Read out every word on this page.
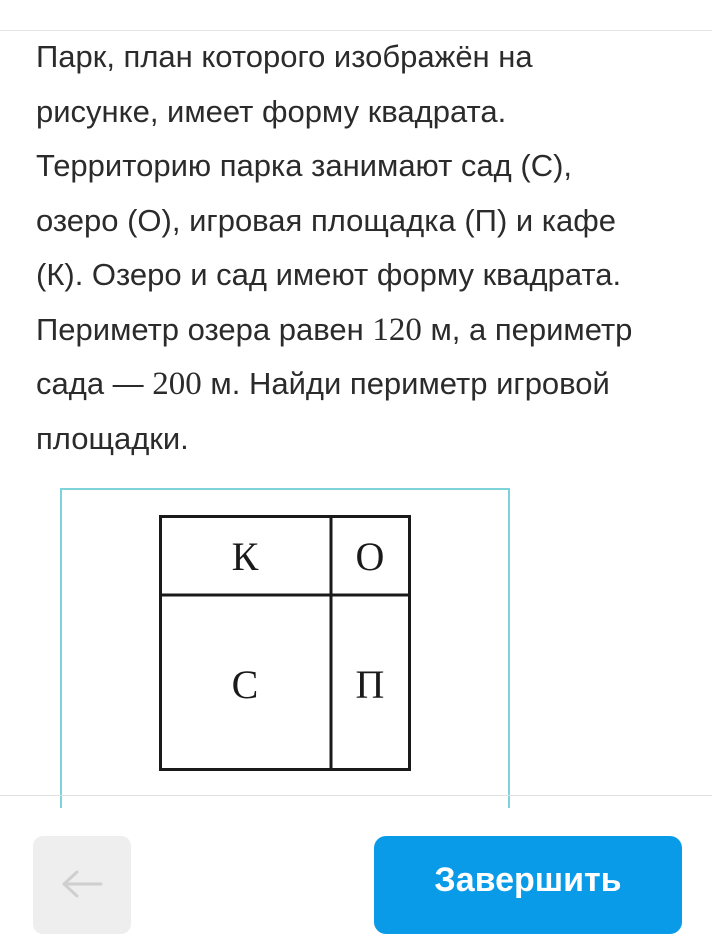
Парк, план которого изображён на
рисунке, имеет форму квадрата.
Территорию парка занимают сад (С),
озеро (О), игровая площадка (П) и кафе
(К). Озеро и сад имеют форму квадрата.
Периметр озера равен 120 м, а периметр
сада — 200 м. Найди периметр игровой
площадки.
К О
С П
Завершить
